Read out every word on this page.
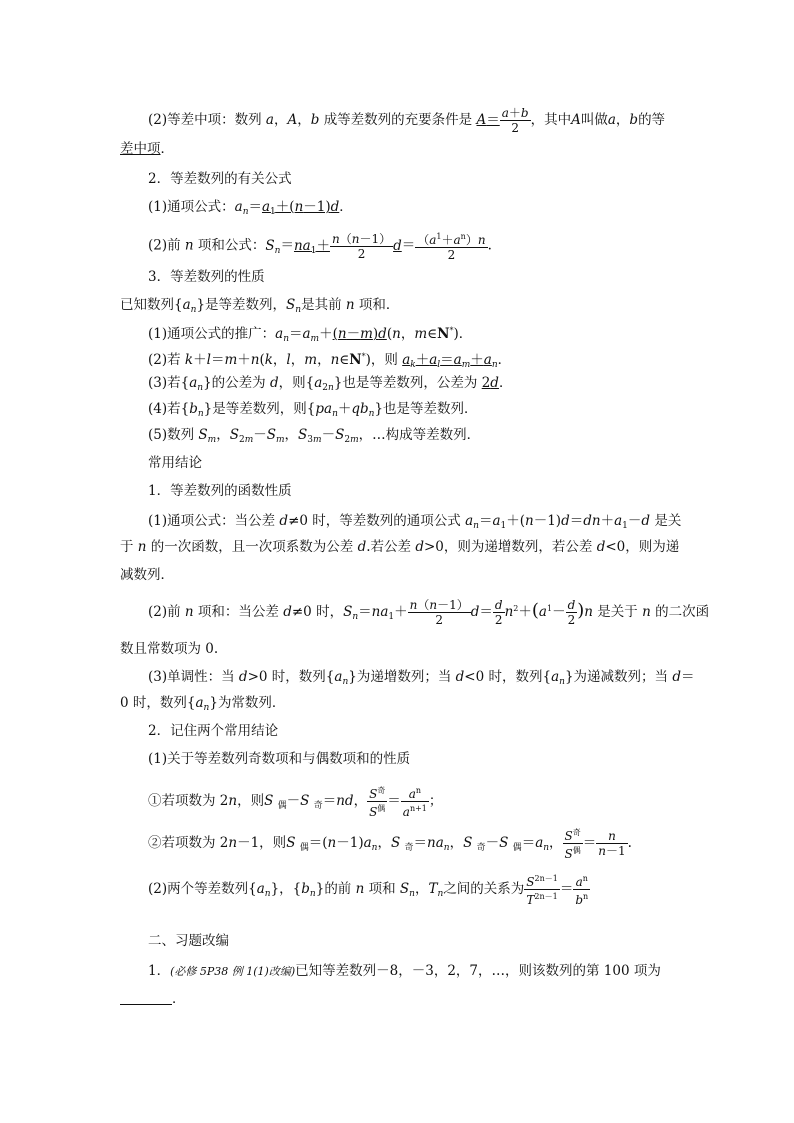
(2)等差中项：数列 a，A，b 成等差数列的充要条件是 $A= \frac{a+b}{2}$ ，其中A叫做a，b的等
差中项．
2．等差数列的有关公式
(1)通项公式：$a_n=a_1+(n-1)d$．
(2)前 n 项和公式：$S_n=na_1+ \frac{n(n-1)}{2} d= \frac{(a^1+a^n)n}{2}$ .
3．等差数列的性质
已知数列$\{a_n\}$是等差数列，$S_n$是其前 n 项和．
(1)通项公式的推广：$a_n=a_m+(n-m)d(n$，m∈N*)．
(2)若 k＋l＝m＋n(k，l，m，n∈N*)，则 $a_k+a_l=a_m+a_n$．
(3)若$\{a_n\}$的公差为 d，则$\{a_{2n}\}$也是等差数列，公差为 2d．
(4)若$\{b_n\}$是等差数列，则$\{pa_n+qb_n\}$也是等差数列．
(5)数列 $S_m$，$S_{2m}-S_m$，$S_{3m}-S_{2m}$，…构成等差数列．
常用结论
1．等差数列的函数性质
(1)通项公式：当公差 d≠0 时，等差数列的通项公式 $a_n=a_1+(n-1)d=dn+a_1-d$ 是关
于 n 的一次函数，且一次项系数为公差 d.若公差 d>0，则为递增数列，若公差 d<0，则为递
减数列．
(2)前 n 项和：当公差 d≠0 时，$S_n=na_1+ \frac{n(n-1)}{2} d= \frac{d}{2} n^2+(a^1- \frac{d}{2} )n$ 是关于 n 的二次函
数且常数项为 0.
(3)单调性：当 d>0 时，数列$\{a_n\}$为递增数列；当 d<0 时，数列$\{a_n\}$为递减数列；当 d＝
0 时，数列$\{a_n\}$为常数列．
2．记住两个常用结论
(1)关于等差数列奇数项和与偶数项和的性质
①若项数为 2n，则S $_偶$－S $_奇$＝nd， $\frac{S^奇}{S^偶} = \frac{a^n}{a^{n+1}}$ ；
②若项数为 2n－1，则S $_偶=(n-1)a_n$，S $_奇=na_n$，S $_奇$－S $_偶=a_n$， $\frac{S^奇}{S^偶} = \frac{n}{n-1}$ .
(2)两个等差数列$\{a_n\}$，$\{b_n\}$的前 n 项和 $S_n$，$T_n$之间的关系为 $\frac{S^{2n-1}}{T^{2n-1}} = \frac{a^n}{b^n}$
二、习题改编
1．(必修 5P38 例 1(1)改编)已知等差数列－8，－3，2，7，…，则该数列的第 100 项为
．
